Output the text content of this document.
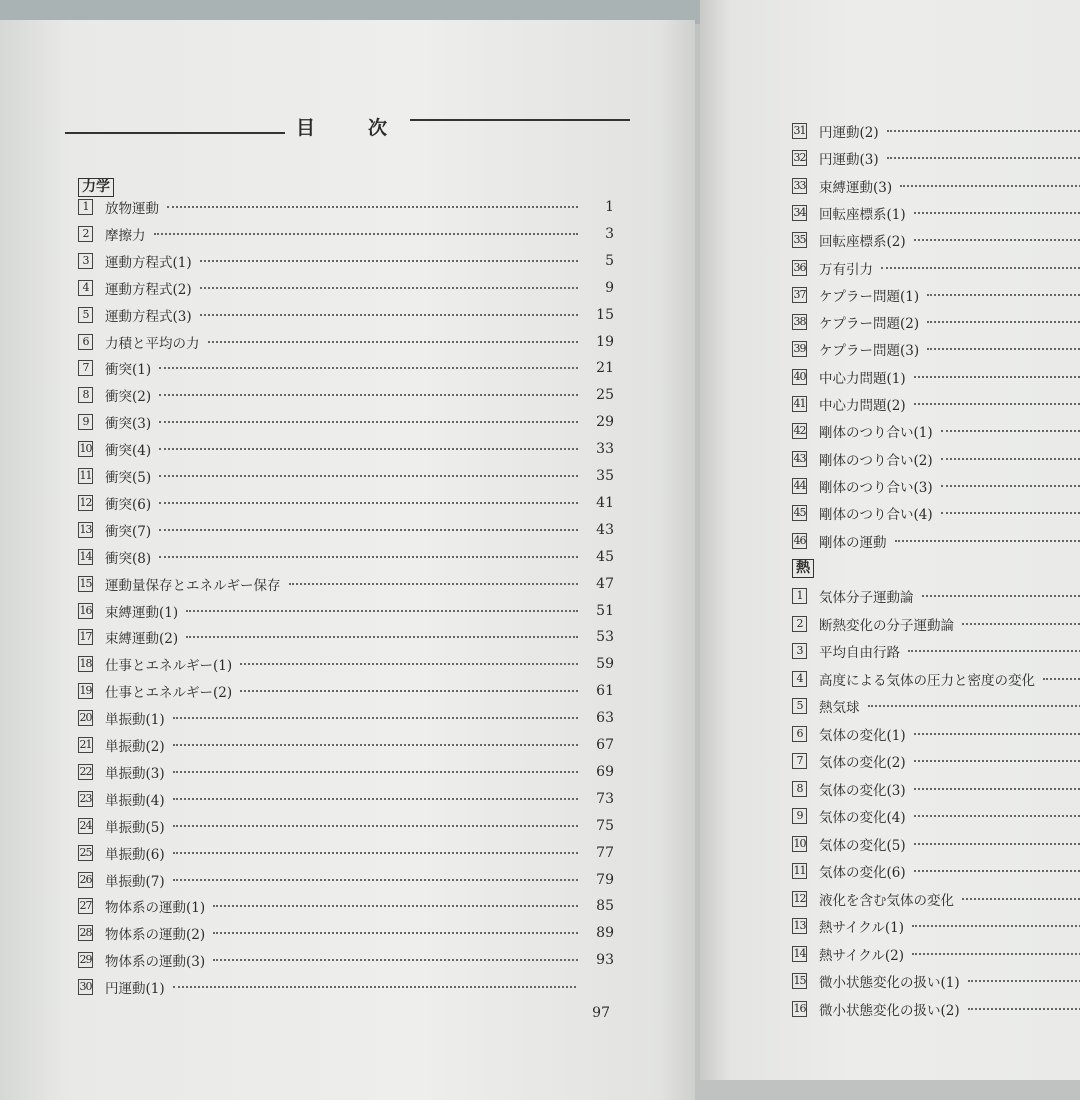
目	次
力学
熱
1	放物運動	1
2	摩擦力	3
3	運動方程式(1)	5
4	運動方程式(2)	9
5	運動方程式(3)	15
6	力積と平均の力	19
7	衝突(1)	21
8	衝突(2)	25
9	衝突(3)	29
10 衝突(4)	33
11 衝突(5)	35
12 衝突(6)	41
13 衝突(7)	43
14 衝突(8)	45
15 運動量保存とエネルギー保存	47
16 束縛運動(1)	51
17 束縛運動(2)	53
18 仕事とエネルギー(1)	59
19 仕事とエネルギー(2)	61
20 単振動(1)	63
21 単振動(2)	67
22 単振動(3)	69
23 単振動(4)	73
24 単振動(5)	75
25 単振動(6)	77
26 単振動(7)	79
27 物体系の運動(1)	85
28 物体系の運動(2)	89
29 物体系の運動(3)	93
30 円運動(1)
97
31 円運動(2)
32 円運動(3)
33 束縛運動(3)
34 回転座標系(1)
35 回転座標系(2)
36 万有引力
37 ケプラー問題(1)
38 ケプラー問題(2)
39 ケプラー問題(3)
40 中心力問題(1)
41 中心力問題(2)
42 剛体のつり合い(1)
43 剛体のつり合い(2)
44 剛体のつり合い(3)
45 剛体のつり合い(4)
46 剛体の運動
1	気体分子運動論
2	断熱変化の分子運動論
3	平均自由行路
4	高度による気体の圧力と密度の変化
5	熱気球
6	気体の変化(1)
7	気体の変化(2)
8	気体の変化(3)
9	気体の変化(4)
10 気体の変化(5)
11 気体の変化(6)
12 液化を含む気体の変化
13 熱サイクル(1)
14 熱サイクル(2)
15 微小状態変化の扱い(1)
16 微小状態変化の扱い(2)
